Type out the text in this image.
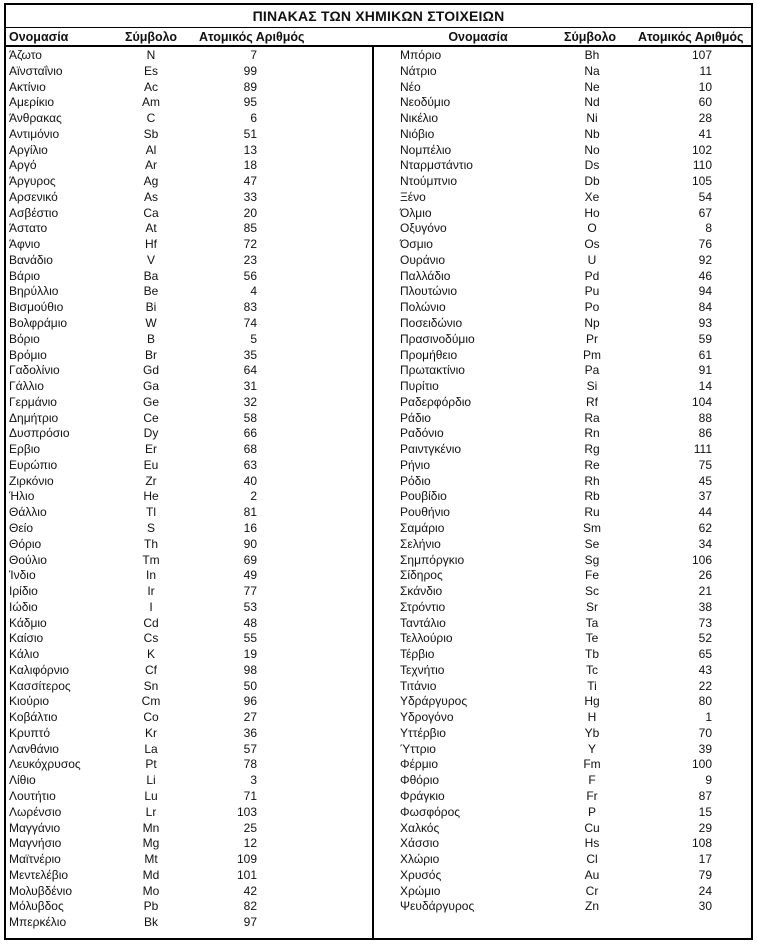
ΠΙΝΑΚΑΣ ΤΩΝ ΧΗΜΙΚΩΝ ΣΤΟΙΧΕΙΩΝ
Ονομασία	Σύμβολο	Ατομικός Αριθμός	Ονομασία	Σύμβολο	Ατομικός Αριθμός
Άζωτο	N	7
Αϊνσταΐνιο	Es	99
Ακτίνιο	Ac	89
Αμερίκιο	Am	95
Άνθρακας	C	6
Αντιμόνιο	Sb	51
Αργίλιο	Al	13
Αργό	Ar	18
Άργυρος	Ag	47
Αρσενικό	As	33
Ασβέστιο	Ca	20
Άστατο	At	85
Άφνιο	Hf	72
Βανάδιο	V	23
Βάριο	Ba	56
Βηρύλλιο	Be	4
Βισμούθιο	Bi	83
Βολφράμιο	W	74
Βόριο	B	5
Βρόμιο	Br	35
Γαδολίνιο	Gd	64
Γάλλιο	Ga	31
Γερμάνιο	Ge	32
Δημήτριο	Ce	58
Δυσπρόσιο	Dy	66
Ερβιο	Er	68
Ευρώπιο	Eu	63
Ζιρκόνιο	Zr	40
Ήλιο	He	2
Θάλλιο	Tl	81
Θείο	S	16
Θόριο	Th	90
Θούλιο	Tm	69
Ίνδιο	In	49
Ιρίδιο	Ir	77
Ιώδιο	I	53
Κάδμιο	Cd	48
Καίσιο	Cs	55
Κάλιο	K	19
Καλιφόρνιο	Cf	98
Κασσίτερος	Sn	50
Κιούριο	Cm	96
Κοβάλτιο	Co	27
Κρυπτό	Kr	36
Λανθάνιο	La	57
Λευκόχρυσος	Pt	78
Λίθιο	Li	3
Λουτήτιο	Lu	71
Λωρένσιο	Lr	103
Μαγγάνιο	Mn	25
Μαγνήσιο	Mg	12
Μαϊτνέριο	Mt	109
Μεντελέβιο	Md	101
Μολυβδένιο	Mo	42
Μόλυβδος	Pb	82
Μπερκέλιο	Bk	97
Μπόριο	Bh	107
Νάτριο	Na	11
Νέο	Ne	10
Νεοδύμιο	Nd	60
Νικέλιο	Ni	28
Νιόβιο	Nb	41
Νομπέλιο	No	102
Νταρμστάντιο	Ds	110
Ντούμπνιο	Db	105
Ξένο	Xe	54
Όλμιο	Ho	67
Οξυγόνο	O	8
Όσμιο	Os	76
Ουράνιο	U	92
Παλλάδιο	Pd	46
Πλουτώνιο	Pu	94
Πολώνιο	Po	84
Ποσειδώνιο	Np	93
Πρασινοδύμιο	Pr	59
Προμήθειο	Pm	61
Πρωτακτίνιο	Pa	91
Πυρίτιο	Si	14
Ραδερφόρδιο	Rf	104
Ράδιο	Ra	88
Ραδόνιο	Rn	86
Ραιντγκένιο	Rg	111
Ρήνιο	Re	75
Ρόδιο	Rh	45
Ρουβίδιο	Rb	37
Ρουθήνιο	Ru	44
Σαμάριο	Sm	62
Σελήνιο	Se	34
Σημπόργκιο	Sg	106
Σίδηρος	Fe	26
Σκάνδιο	Sc	21
Στρόντιο	Sr	38
Ταντάλιο	Ta	73
Τελλούριο	Te	52
Τέρβιο	Tb	65
Τεχνήτιο	Tc	43
Τιτάνιο	Ti	22
Υδράργυρος	Hg	80
Υδρογόνο	H	1
Υττέρβιο	Yb	70
Ύττριο	Y	39
Φέρμιο	Fm	100
Φθόριο	F	9
Φράγκιο	Fr	87
Φωσφόρος	P	15
Χαλκός	Cu	29
Χάσσιο	Hs	108
Χλώριο	Cl	17
Χρυσός	Au	79
Χρώμιο	Cr	24
Ψευδάργυρος	Zn	30
